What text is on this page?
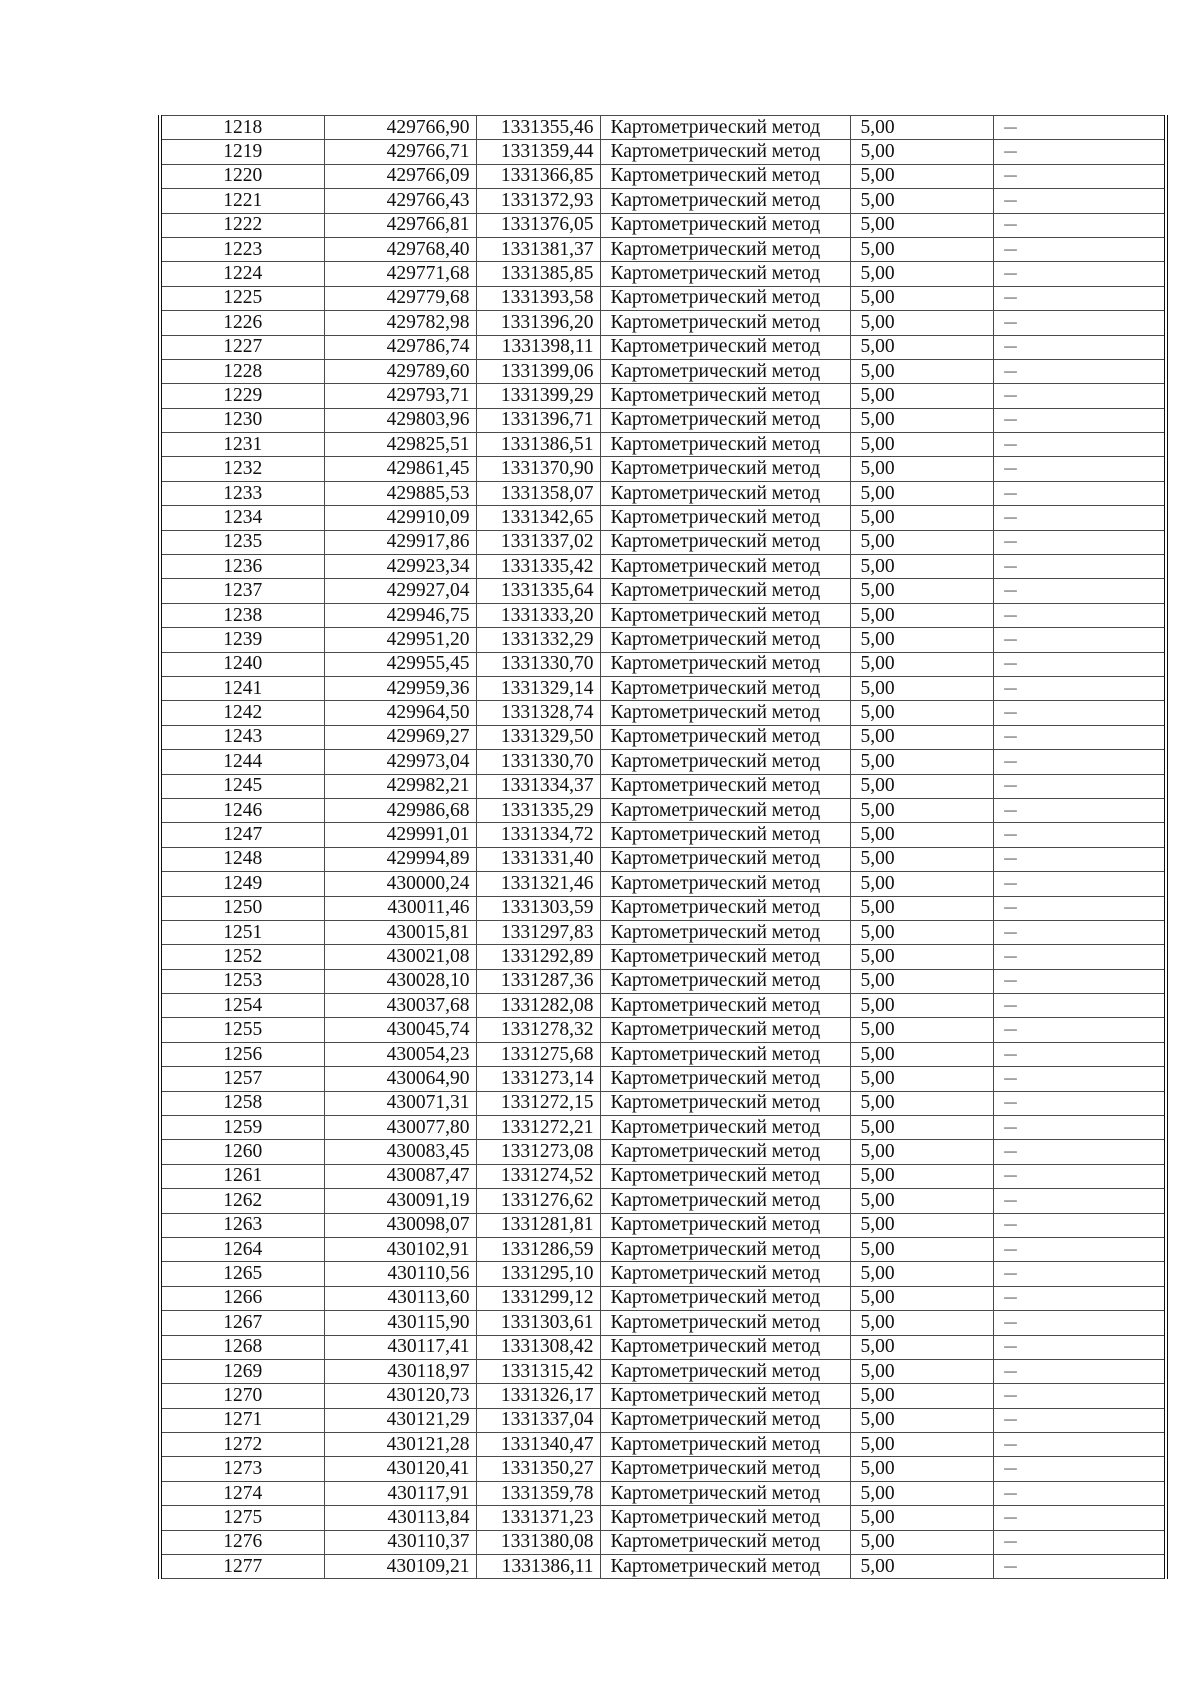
1218	429766,90	1331355,46	Картометрический метод	5,00	—
1219	429766,71	1331359,44	Картометрический метод	5,00	—
1220	429766,09	1331366,85	Картометрический метод	5,00	—
1221	429766,43	1331372,93	Картометрический метод	5,00	—
1222	429766,81	1331376,05	Картометрический метод	5,00	—
1223	429768,40	1331381,37	Картометрический метод	5,00	—
1224	429771,68	1331385,85	Картометрический метод	5,00	—
1225	429779,68	1331393,58	Картометрический метод	5,00	—
1226	429782,98	1331396,20	Картометрический метод	5,00	—
1227	429786,74	1331398,11	Картометрический метод	5,00	—
1228	429789,60	1331399,06	Картометрический метод	5,00	—
1229	429793,71	1331399,29	Картометрический метод	5,00	—
1230	429803,96	1331396,71	Картометрический метод	5,00	—
1231	429825,51	1331386,51	Картометрический метод	5,00	—
1232	429861,45	1331370,90	Картометрический метод	5,00	—
1233	429885,53	1331358,07	Картометрический метод	5,00	—
1234	429910,09	1331342,65	Картометрический метод	5,00	—
1235	429917,86	1331337,02	Картометрический метод	5,00	—
1236	429923,34	1331335,42	Картометрический метод	5,00	—
1237	429927,04	1331335,64	Картометрический метод	5,00	—
1238	429946,75	1331333,20	Картометрический метод	5,00	—
1239	429951,20	1331332,29	Картометрический метод	5,00	—
1240	429955,45	1331330,70	Картометрический метод	5,00	—
1241	429959,36	1331329,14	Картометрический метод	5,00	—
1242	429964,50	1331328,74	Картометрический метод	5,00	—
1243	429969,27	1331329,50	Картометрический метод	5,00	—
1244	429973,04	1331330,70	Картометрический метод	5,00	—
1245	429982,21	1331334,37	Картометрический метод	5,00	—
1246	429986,68	1331335,29	Картометрический метод	5,00	—
1247	429991,01	1331334,72	Картометрический метод	5,00	—
1248	429994,89	1331331,40	Картометрический метод	5,00	—
1249	430000,24	1331321,46	Картометрический метод	5,00	—
1250	430011,46	1331303,59	Картометрический метод	5,00	—
1251	430015,81	1331297,83	Картометрический метод	5,00	—
1252	430021,08	1331292,89	Картометрический метод	5,00	—
1253	430028,10	1331287,36	Картометрический метод	5,00	—
1254	430037,68	1331282,08	Картометрический метод	5,00	—
1255	430045,74	1331278,32	Картометрический метод	5,00	—
1256	430054,23	1331275,68	Картометрический метод	5,00	—
1257	430064,90	1331273,14	Картометрический метод	5,00	—
1258	430071,31	1331272,15	Картометрический метод	5,00	—
1259	430077,80	1331272,21	Картометрический метод	5,00	—
1260	430083,45	1331273,08	Картометрический метод	5,00	—
1261	430087,47	1331274,52	Картометрический метод	5,00	—
1262	430091,19	1331276,62	Картометрический метод	5,00	—
1263	430098,07	1331281,81	Картометрический метод	5,00	—
1264	430102,91	1331286,59	Картометрический метод	5,00	—
1265	430110,56	1331295,10	Картометрический метод	5,00	—
1266	430113,60	1331299,12	Картометрический метод	5,00	—
1267	430115,90	1331303,61	Картометрический метод	5,00	—
1268	430117,41	1331308,42	Картометрический метод	5,00	—
1269	430118,97	1331315,42	Картометрический метод	5,00	—
1270	430120,73	1331326,17	Картометрический метод	5,00	—
1271	430121,29	1331337,04	Картометрический метод	5,00	—
1272	430121,28	1331340,47	Картометрический метод	5,00	—
1273	430120,41	1331350,27	Картометрический метод	5,00	—
1274	430117,91	1331359,78	Картометрический метод	5,00	—
1275	430113,84	1331371,23	Картометрический метод	5,00	—
1276	430110,37	1331380,08	Картометрический метод	5,00	—
1277	430109,21	1331386,11	Картометрический метод	5,00	—
